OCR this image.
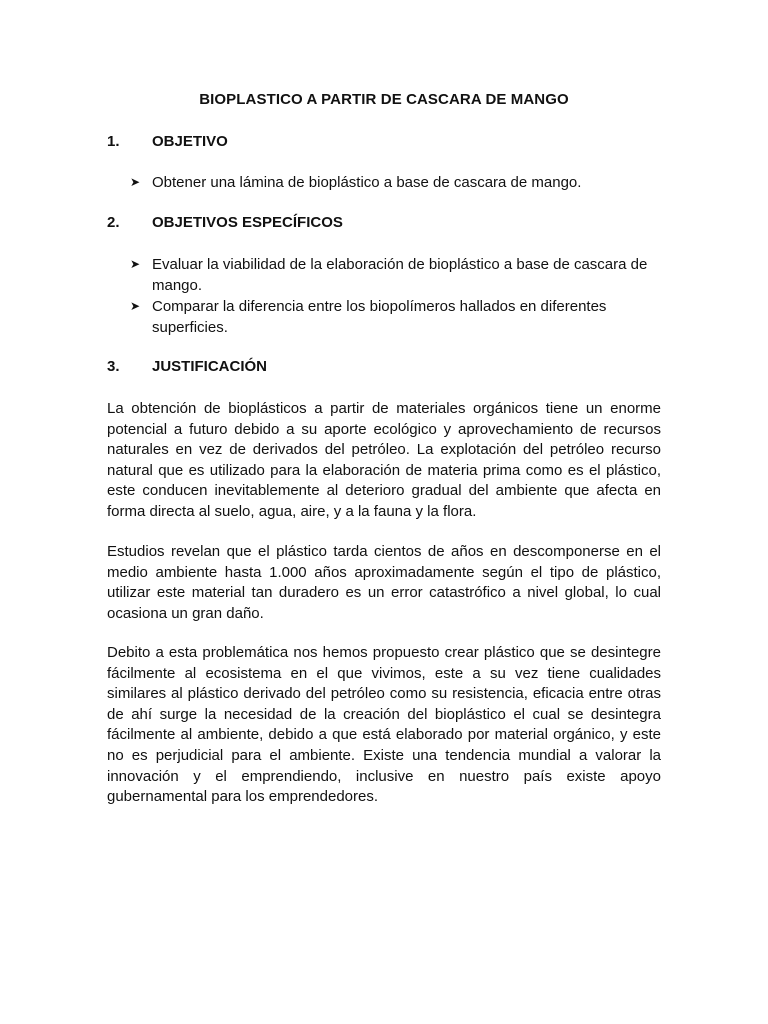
BIOPLASTICO A PARTIR DE CASCARA DE MANGO
1.	OBJETIVO
➤ Obtener una lámina de bioplástico a base de cascara de mango.
2.	OBJETIVOS ESPECÍFICOS
➤ Evaluar la viabilidad de la elaboración de bioplástico a base de cascara de mango.
➤ Comparar la diferencia entre los biopolímeros hallados en diferentes superficies.
3.	JUSTIFICACIÓN

La obtención de bioplásticos a partir de materiales orgánicos tiene un enorme potencial a futuro debido a su aporte ecológico y aprovechamiento de recursos naturales en vez de derivados del petróleo. La explotación del petróleo recurso natural que es utilizado para la elaboración de materia prima como es el plástico, este conducen inevitablemente al deterioro gradual del ambiente que afecta en forma directa al suelo, agua, aire, y a la fauna y la flora.

Estudios revelan que el plástico tarda cientos de años en descomponerse en el medio ambiente hasta 1.000 años aproximadamente según el tipo de plástico, utilizar este material tan duradero es un error catastrófico a nivel global, lo cual ocasiona un gran daño.

Debito a esta problemática nos hemos propuesto crear plástico que se desintegre fácilmente al ecosistema en el que vivimos, este a su vez tiene cualidades similares al plástico derivado del petróleo como su resistencia, eficacia entre otras de ahí surge la necesidad de la creación del bioplástico el cual se desintegra fácilmente al ambiente, debido a que está elaborado por material orgánico, y este no es perjudicial para el ambiente. Existe una tendencia mundial a valorar la innovación y el emprendiendo, inclusive en nuestro país existe apoyo gubernamental para los emprendedores.
